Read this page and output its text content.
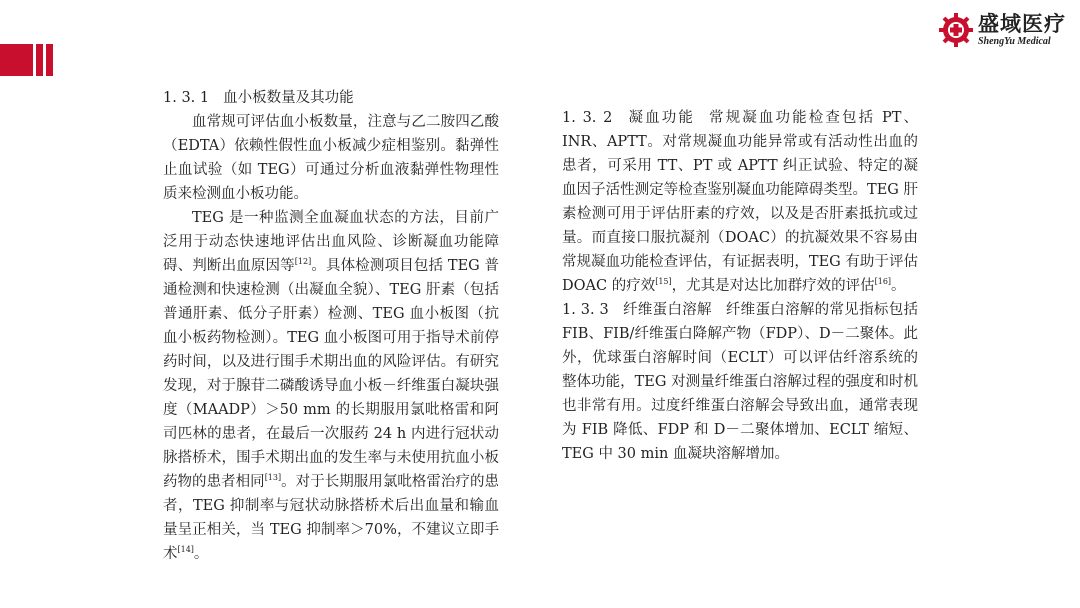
盛域医疗
ShengYu Medical

1. 3. 1 血小板数量及其功能

血常规可评估血小板数量，注意与乙二胺四乙酸（EDTA）依赖性假性血小板减少症相鉴别。黏弹性止血试验（如 TEG）可通过分析血液黏弹性物理性质来检测血小板功能。

TEG 是一种监测全血凝血状态的方法，目前广泛用于动态快速地评估出血风险、诊断凝血功能障碍、判断出血原因等[12]。具体检测项目包括 TEG 普通检测和快速检测（出凝血全貌）、TEG 肝素（包括普通肝素、低分子肝素）检测、TEG 血小板图（抗血小板药物检测）。TEG 血小板图可用于指导术前停药时间，以及进行围手术期出血的风险评估。有研究发现，对于腺苷二磷酸诱导血小板－纤维蛋白凝块强度（MAADP）＞50 mm 的长期服用氯吡格雷和阿司匹林的患者，在最后一次服药 24 h 内进行冠状动脉搭桥术，围手术期出血的发生率与未使用抗血小板药物的患者相同[13]。对于长期服用氯吡格雷治疗的患者，TEG 抑制率与冠状动脉搭桥术后出血量和输血量呈正相关，当 TEG 抑制率＞70%，不建议立即手术[14]。

1. 3. 2 凝血功能 常规凝血功能检查包括 PT、INR、APTT。对常规凝血功能异常或有活动性出血的患者，可采用 TT、PT 或 APTT 纠正试验、特定的凝血因子活性测定等检查鉴别凝血功能障碍类型。TEG 肝素检测可用于评估肝素的疗效，以及是否肝素抵抗或过量。而直接口服抗凝剂（DOAC）的抗凝效果不容易由常规凝血功能检查评估，有证据表明，TEG 有助于评估 DOAC 的疗效[15]，尤其是对达比加群疗效的评估[16]。

1. 3. 3 纤维蛋白溶解 纤维蛋白溶解的常见指标包括 FIB、FIB/纤维蛋白降解产物（FDP）、D－二聚体。此外，优球蛋白溶解时间（ECLT）可以评估纤溶系统的整体功能，TEG 对测量纤维蛋白溶解过程的强度和时机也非常有用。过度纤维蛋白溶解会导致出血，通常表现为 FIB 降低、FDP 和 D－二聚体增加、ECLT 缩短、TEG 中 30 min 血凝块溶解增加。
